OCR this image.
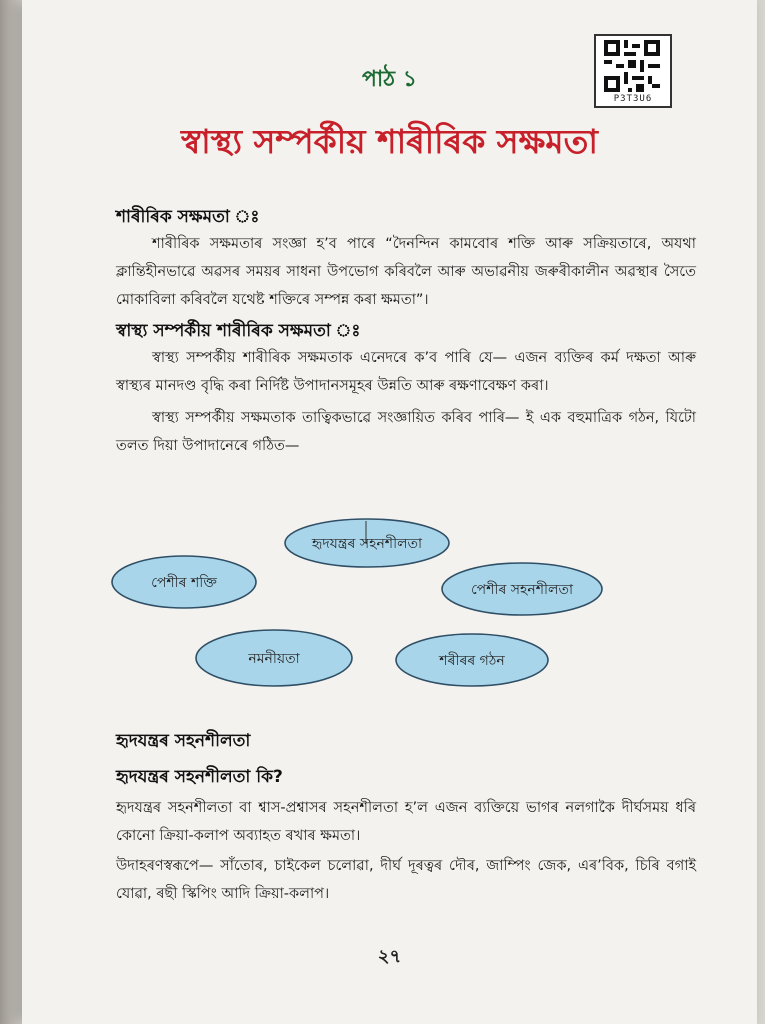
P3T3U6
পাঠ ১
স্বাস্থ্য সম্পৰ্কীয় শাৰীৰিক সক্ষমতা
শাৰীৰিক সক্ষমতা ঃ
শাৰীৰিক সক্ষমতাৰ সংজ্ঞা হ’ব পাৰে “দৈনন্দিন কামবোৰ শক্তি আৰু সক্ৰিয়তাৰে, অযথা ক্লান্তিহীনভাৱে অৱসৰ সময়ৰ সাধনা উপভোগ কৰিবলৈ আৰু অভাৱনীয় জৰুৰীকালীন অৱস্থাৰ সৈতে মোকাবিলা কৰিবলৈ যথেষ্ট শক্তিৰে সম্পন্ন কৰা ক্ষমতা”।
স্বাস্থ্য সম্পৰ্কীয় শাৰীৰিক সক্ষমতা ঃ
স্বাস্থ্য সম্পৰ্কীয় শাৰীৰিক সক্ষমতাক এনেদৰে ক’ব পাৰি যে— এজন ব্যক্তিৰ কৰ্ম দক্ষতা আৰু স্বাস্থ্যৰ মানদণ্ড বৃদ্ধি কৰা নিৰ্দিষ্ট উপাদানসমূহৰ উন্নতি আৰু ৰক্ষণাবেক্ষণ কৰা।
স্বাস্থ্য সম্পৰ্কীয় সক্ষমতাক তাত্বিকভাৱে সংজ্ঞায়িত কৰিব পাৰি— ই এক বহুমাত্ৰিক গঠন, যিটো তলত দিয়া উপাদানেৰে গঠিত—
হৃদযন্ত্ৰৰ সহনশীলতা
পেশীৰ শক্তি	পেশীৰ সহনশীলতা
নমনীয়তা	শৰীৰৰ গঠন
হৃদযন্ত্ৰৰ সহনশীলতা
হৃদযন্ত্ৰৰ সহনশীলতা কি?
হৃদযন্ত্ৰৰ সহনশীলতা বা শ্বাস-প্ৰশ্বাসৰ সহনশীলতা হ’ল এজন ব্যক্তিয়ে ভাগৰ নলগাকৈ দীৰ্ঘসময় ধৰি কোনো ক্ৰিয়া-কলাপ অব্যাহত ৰখাৰ ক্ষমতা।
উদাহৰণস্বৰূপে— সাঁতোৰ, চাইকেল চলোৱা, দীৰ্ঘ দূৰত্বৰ দৌৰ, জাম্পিং জেক, এৰ’বিক, চিৰি বগাই যোৱা, ৰছী স্কিপিং আদি ক্ৰিয়া-কলাপ।
২৭
